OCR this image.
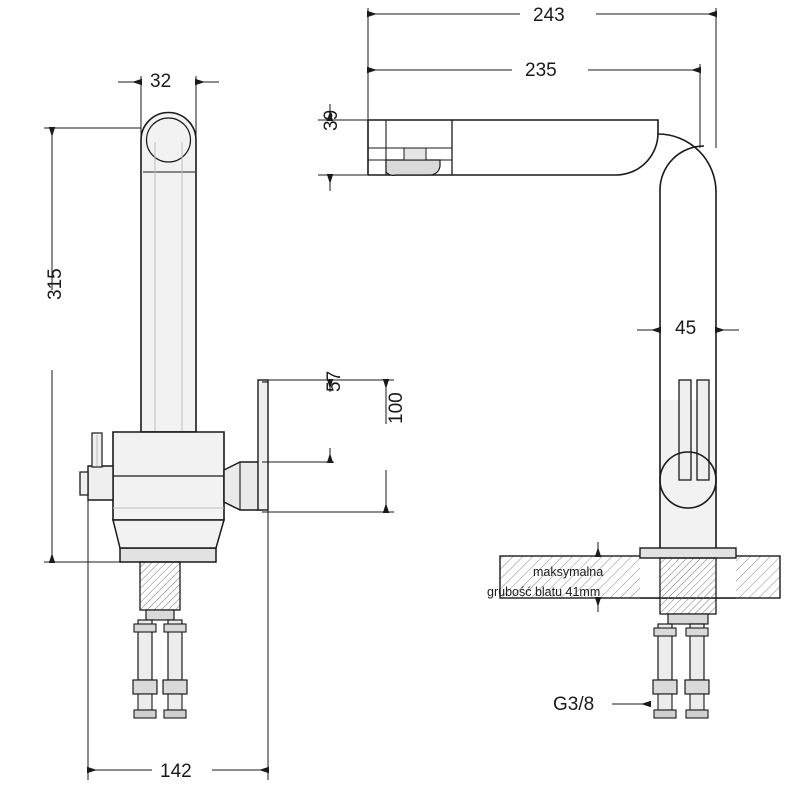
243
235
32
39
315
45
57
100
maksymalna
grubość blatu 41mm
G3/8
142
